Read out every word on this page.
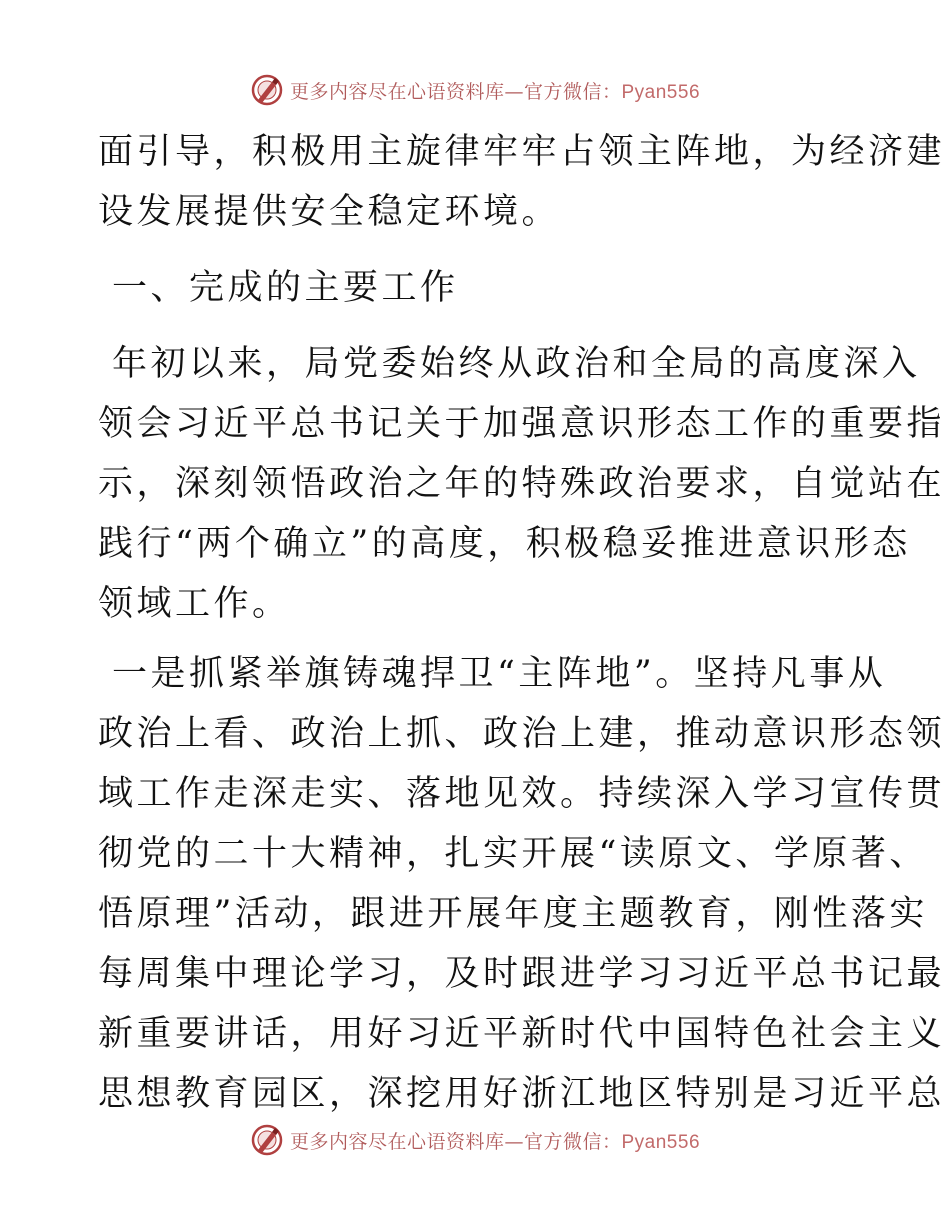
更多内容尽在心语资料库—官方微信：Pyan556
面引导，积极用主旋律牢牢占领主阵地，为经济建
设发展提供安全稳定环境。
一、完成的主要工作
年初以来，局党委始终从政治和全局的高度深入
领会习近平总书记关于加强意识形态工作的重要指
示，深刻领悟政治之年的特殊政治要求，自觉站在
践行“两个确立”的高度，积极稳妥推进意识形态
领域工作。
一是抓紧举旗铸魂捍卫“主阵地”。坚持凡事从
政治上看、政治上抓、政治上建，推动意识形态领
域工作走深走实、落地见效。持续深入学习宣传贯
彻党的二十大精神，扎实开展“读原文、学原著、
悟原理”活动，跟进开展年度主题教育，刚性落实
每周集中理论学习，及时跟进学习习近平总书记最
新重要讲话，用好习近平新时代中国特色社会主义
思想教育园区，深挖用好浙江地区特别是习近平总
更多内容尽在心语资料库—官方微信：Pyan556
